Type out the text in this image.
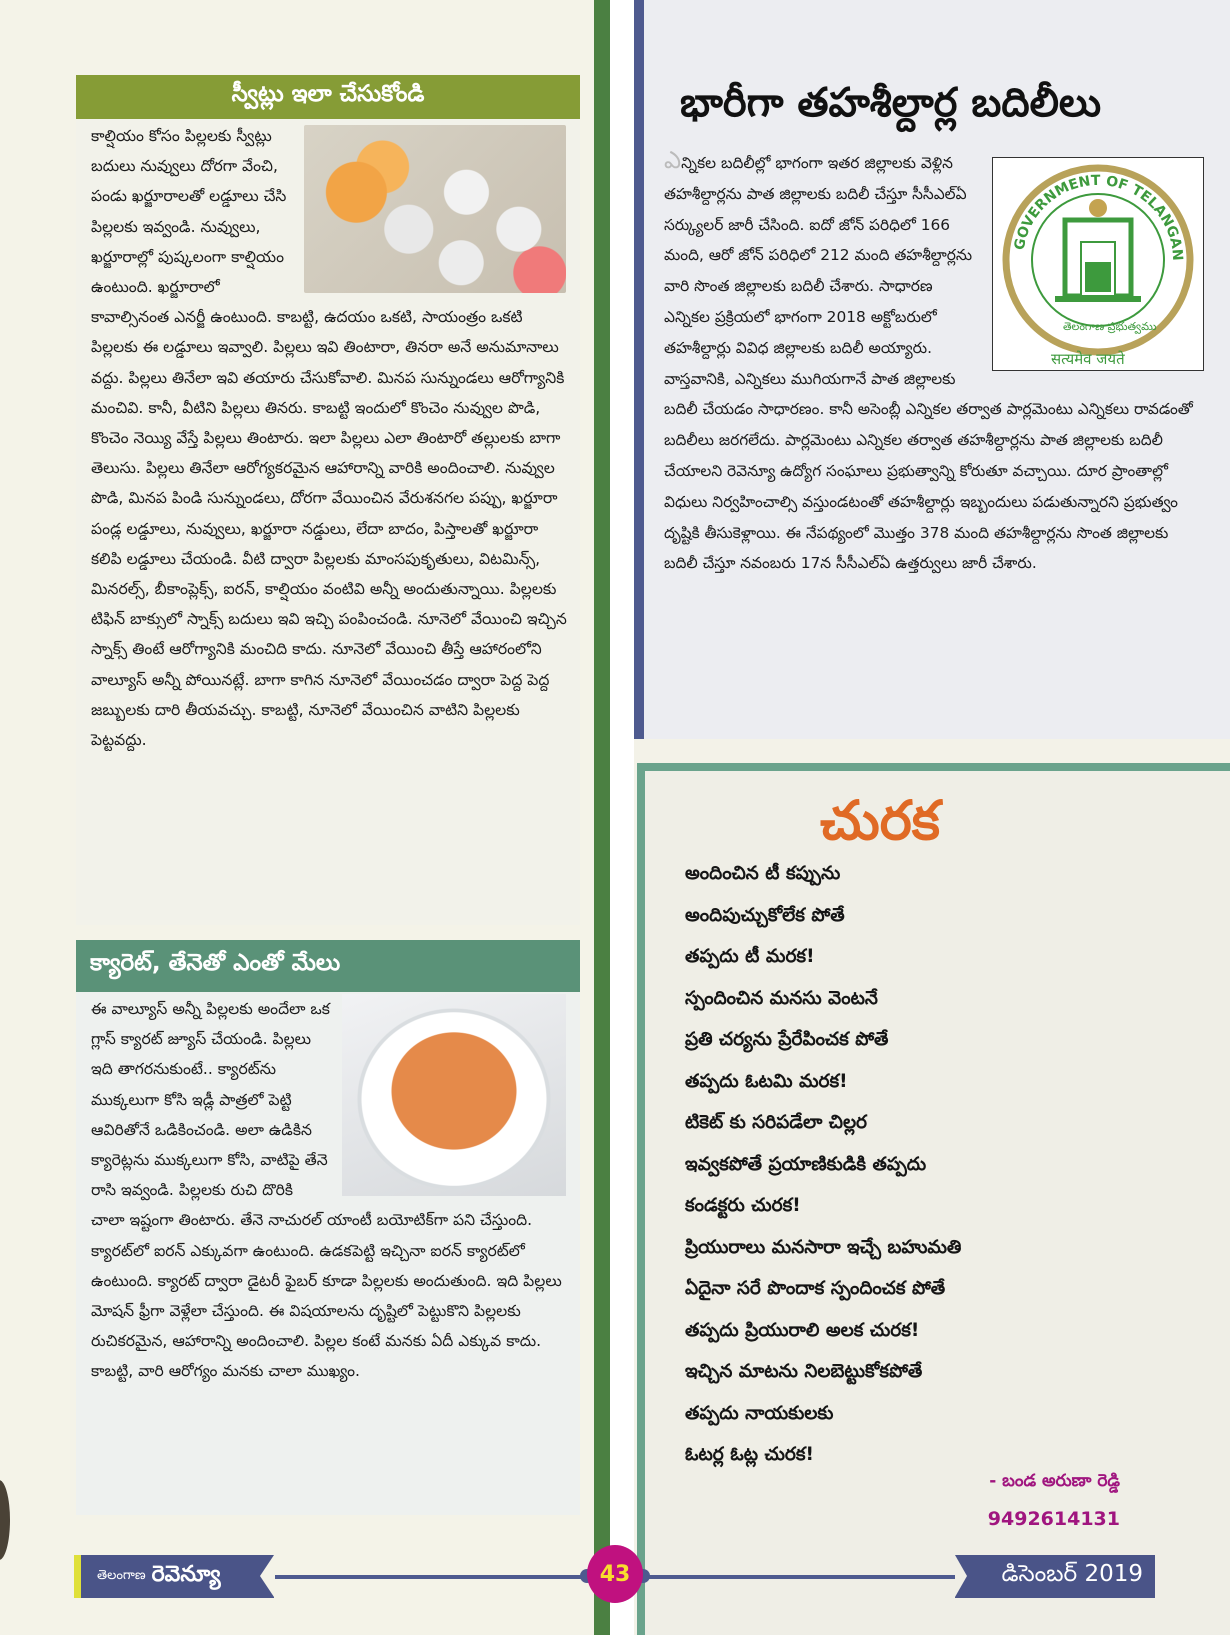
స్వీట్లు ఇలా చేసుకోండి
కాల్షియం కోసం పిల్లలకు స్వీట్లు బదులు నువ్వులు దోరగా వేంచి, పండు ఖర్జూరాలతో లడ్డూలు చేసి పిల్లలకు ఇవ్వండి. నువ్వులు, ఖర్జూరాల్లో పుష్కలంగా కాల్షియం ఉంటుంది. ఖర్జూరాలో కావాల్సినంత ఎనర్జీ ఉంటుంది. కాబట్టి, ఉదయం ఒకటి, సాయంత్రం ఒకటి పిల్లలకు ఈ లడ్డూలు ఇవ్వాలి. పిల్లలు ఇవి తింటారా, తినరా అనే అనుమానాలు వద్దు. పిల్లలు తినేలా ఇవి తయారు చేసుకోవాలి. మినప సున్నుండలు ఆరోగ్యానికి మంచివి. కానీ, వీటిని పిల్లలు తినరు. కాబట్టి ఇందులో కొంచెం నువ్వుల పొడి, కొంచెం నెయ్యి వేస్తే పిల్లలు తింటారు. ఇలా పిల్లలు ఎలా తింటారో తల్లులకు బాగా తెలుసు. పిల్లలు తినేలా ఆరోగ్యకరమైన ఆహారాన్ని వారికి అందించాలి. నువ్వుల పొడి, మినప పిండి సున్నుండలు, దోరగా వేయించిన వేరుశనగల పప్పు, ఖర్జూరా పండ్ల లడ్డూలు, నువ్వులు, ఖర్జూరా నడ్డులు, లేదా బాదం, పిస్తాలతో ఖర్జూరా కలిపి లడ్డూలు చేయండి. వీటి ద్వారా పిల్లలకు మాంసపుకృతులు, విటమిన్స్, మినరల్స్, బీకాంప్లెక్స్, ఐరన్, కాల్షియం వంటివి అన్నీ అందుతున్నాయి. పిల్లలకు టిఫిన్ బాక్సులో స్నాక్స్ బదులు ఇవి ఇచ్చి పంపించండి. నూనెలో వేయించి ఇచ్చిన స్నాక్స్ తింటే ఆరోగ్యానికి మంచిది కాదు. నూనెలో వేయించి తీస్తే ఆహారంలోని వాల్యూస్ అన్నీ పోయినట్లే. బాగా కాగిన నూనెలో వేయించడం ద్వారా పెద్ద పెద్ద జబ్బులకు దారి తీయవచ్చు. కాబట్టి, నూనెలో వేయించిన వాటిని పిల్లలకు పెట్టవద్దు.
క్యారెట్, తేనెతో ఎంతో మేలు
ఈ వాల్యూస్ అన్నీ పిల్లలకు అందేలా ఒక గ్లాస్ క్యారట్ జ్యూస్ చేయండి. పిల్లలు ఇది తాగరనుకుంటే.. క్యారట్‌ను ముక్కలుగా కోసి ఇడ్లీ పాత్రలో పెట్టి ఆవిరితోనే ఒడికించండి. అలా ఉడికిన క్యారెట్లను ముక్కలుగా కోసి, వాటిపై తేనె రాసి ఇవ్వండి. పిల్లలకు రుచి దొరికి చాలా ఇష్టంగా తింటారు. తేనె నాచురల్ యాంటీ బయోటిక్‌గా పని చేస్తుంది. క్యారట్‌లో ఐరన్ ఎక్కువగా ఉంటుంది. ఉడకపెట్టి ఇచ్చినా ఐరన్ క్యారట్‌లో ఉంటుంది. క్యారట్ ద్వారా డైటరీ ఫైబర్ కూడా పిల్లలకు అందుతుంది. ఇది పిల్లలు మోషన్ ఫ్రీగా వెళ్లేలా చేస్తుంది. ఈ విషయాలను దృష్టిలో పెట్టుకొని పిల్లలకు రుచికరమైన, ఆహారాన్ని అందించాలి. పిల్లల కంటే మనకు ఏదీ ఎక్కువ కాదు. కాబట్టి, వారి ఆరోగ్యం మనకు చాలా ముఖ్యం.
భారీగా తహశీల్దార్ల బదిలీలు
GOVERNMENT OF TELANGAN
తెలంగాణ ప్రభుత్వము
सत्यमेव जयते
ఎన్నికల బదిలీల్లో భాగంగా ఇతర జిల్లాలకు వెళ్లిన తహశీల్దార్లను పాత జిల్లాలకు బదిలీ చేస్తూ సీసీఎల్ఏ సర్క్యులర్ జారీ చేసింది. ఐదో జోన్ పరిధిలో 166 మంది, ఆరో జోన్ పరిధిలో 212 మంది తహశీల్దార్లను వారి సొంత జిల్లాలకు బదిలీ చేశారు. సాధారణ ఎన్నికల ప్రక్రియలో భాగంగా 2018 అక్టోబరులో తహశీల్దార్లు వివిధ జిల్లాలకు బదిలీ అయ్యారు. వాస్తవానికి, ఎన్నికలు ముగియగానే పాత జిల్లాలకు బదిలీ చేయడం సాధారణం. కానీ అసెంబ్లీ ఎన్నికల తర్వాత పార్లమెంటు ఎన్నికలు రావడంతో బదిలీలు జరగలేదు. పార్లమెంటు ఎన్నికల తర్వాత తహశీల్దార్లను పాత జిల్లాలకు బదిలీ చేయాలని రెవెన్యూ ఉద్యోగ సంఘాలు ప్రభుత్వాన్ని కోరుతూ వచ్చాయి. దూర ప్రాంతాల్లో విధులు నిర్వహించాల్సి వస్తుండటంతో తహశీల్దార్లు ఇబ్బందులు పడుతున్నారని ప్రభుత్వం దృష్టికి తీసుకెళ్లాయి. ఈ నేపథ్యంలో మొత్తం 378 మంది తహశీల్దార్లను సొంత జిల్లాలకు బదిలీ చేస్తూ నవంబరు 17న సీసీఎల్ఏ ఉత్తర్వులు జారీ చేశారు.
చురక
అందించిన టీ కప్పును
అందిపుచ్చుకోలేక పోతే
తప్పదు టీ మరక!
స్పందించిన మనసు వెంటనే
ప్రతి చర్యను ప్రేరేపించక పోతే
తప్పదు ఓటమి మరక!
టికెట్ కు సరిపడేలా చిల్లర
ఇవ్వకపోతే ప్రయాణికుడికి తప్పదు
కండక్టరు చురక!
ప్రియురాలు మనసారా ఇచ్చే బహుమతి
ఏదైనా సరే పొందాక స్పందించక పోతే
తప్పదు ప్రియురాలి అలక చురక!
ఇచ్చిన మాటను నిలబెట్టుకోకపోతే
తప్పదు నాయకులకు
ఓటర్ల ఓట్ల చురక!
- బండ అరుణా రెడ్డి
9492614131
తెలంగాణ రెవెన్యూ	43	డిసెంబర్ 2019
